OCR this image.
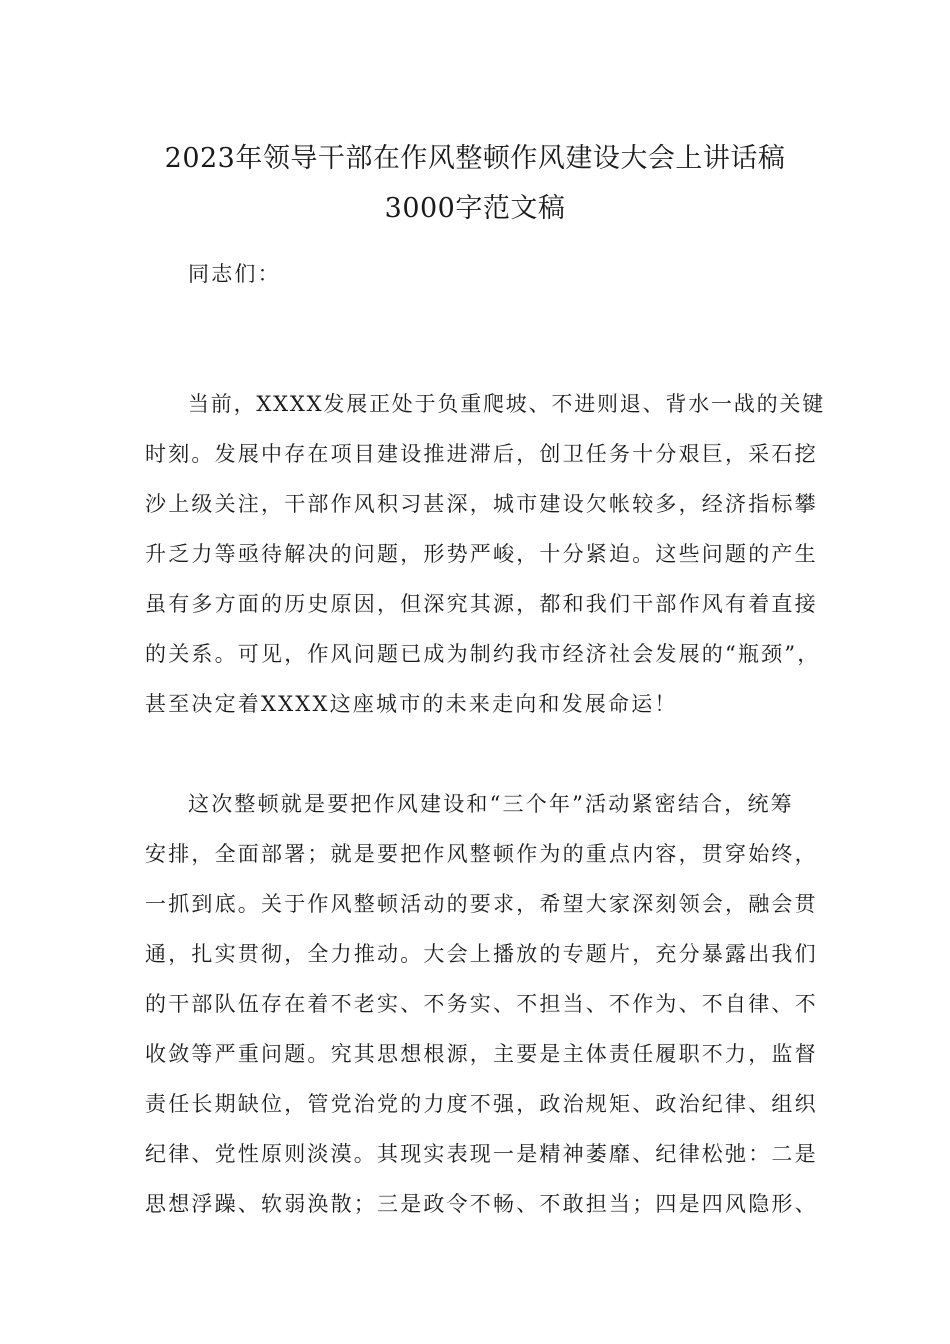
2023年领导干部在作风整顿作风建设大会上讲话稿
3000字范文稿

同志们：

当前，XXXX发展正处于负重爬坡、不进则退、背水一战的关键

时刻。发展中存在项目建设推进滞后，创卫任务十分艰巨，采石挖

沙上级关注，干部作风积习甚深，城市建设欠帐较多，经济指标攀

升乏力等亟待解决的问题，形势严峻，十分紧迫。这些问题的产生

虽有多方面的历史原因，但深究其源，都和我们干部作风有着直接

的关系。可见，作风问题已成为制约我市经济社会发展的“瓶颈”，

甚至决定着XXXX这座城市的未来走向和发展命运！

这次整顿就是要把作风建设和“三个年”活动紧密结合，统筹

安排，全面部署；就是要把作风整顿作为的重点内容，贯穿始终，

一抓到底。关于作风整顿活动的要求，希望大家深刻领会，融会贯

通，扎实贯彻，全力推动。大会上播放的专题片，充分暴露出我们

的干部队伍存在着不老实、不务实、不担当、不作为、不自律、不

收敛等严重问题。究其思想根源，主要是主体责任履职不力，监督

责任长期缺位，管党治党的力度不强，政治规矩、政治纪律、组织

纪律、党性原则淡漠。其现实表现一是精神萎靡、纪律松弛：二是

思想浮躁、软弱涣散；三是政令不畅、不敢担当；四是四风隐形、
